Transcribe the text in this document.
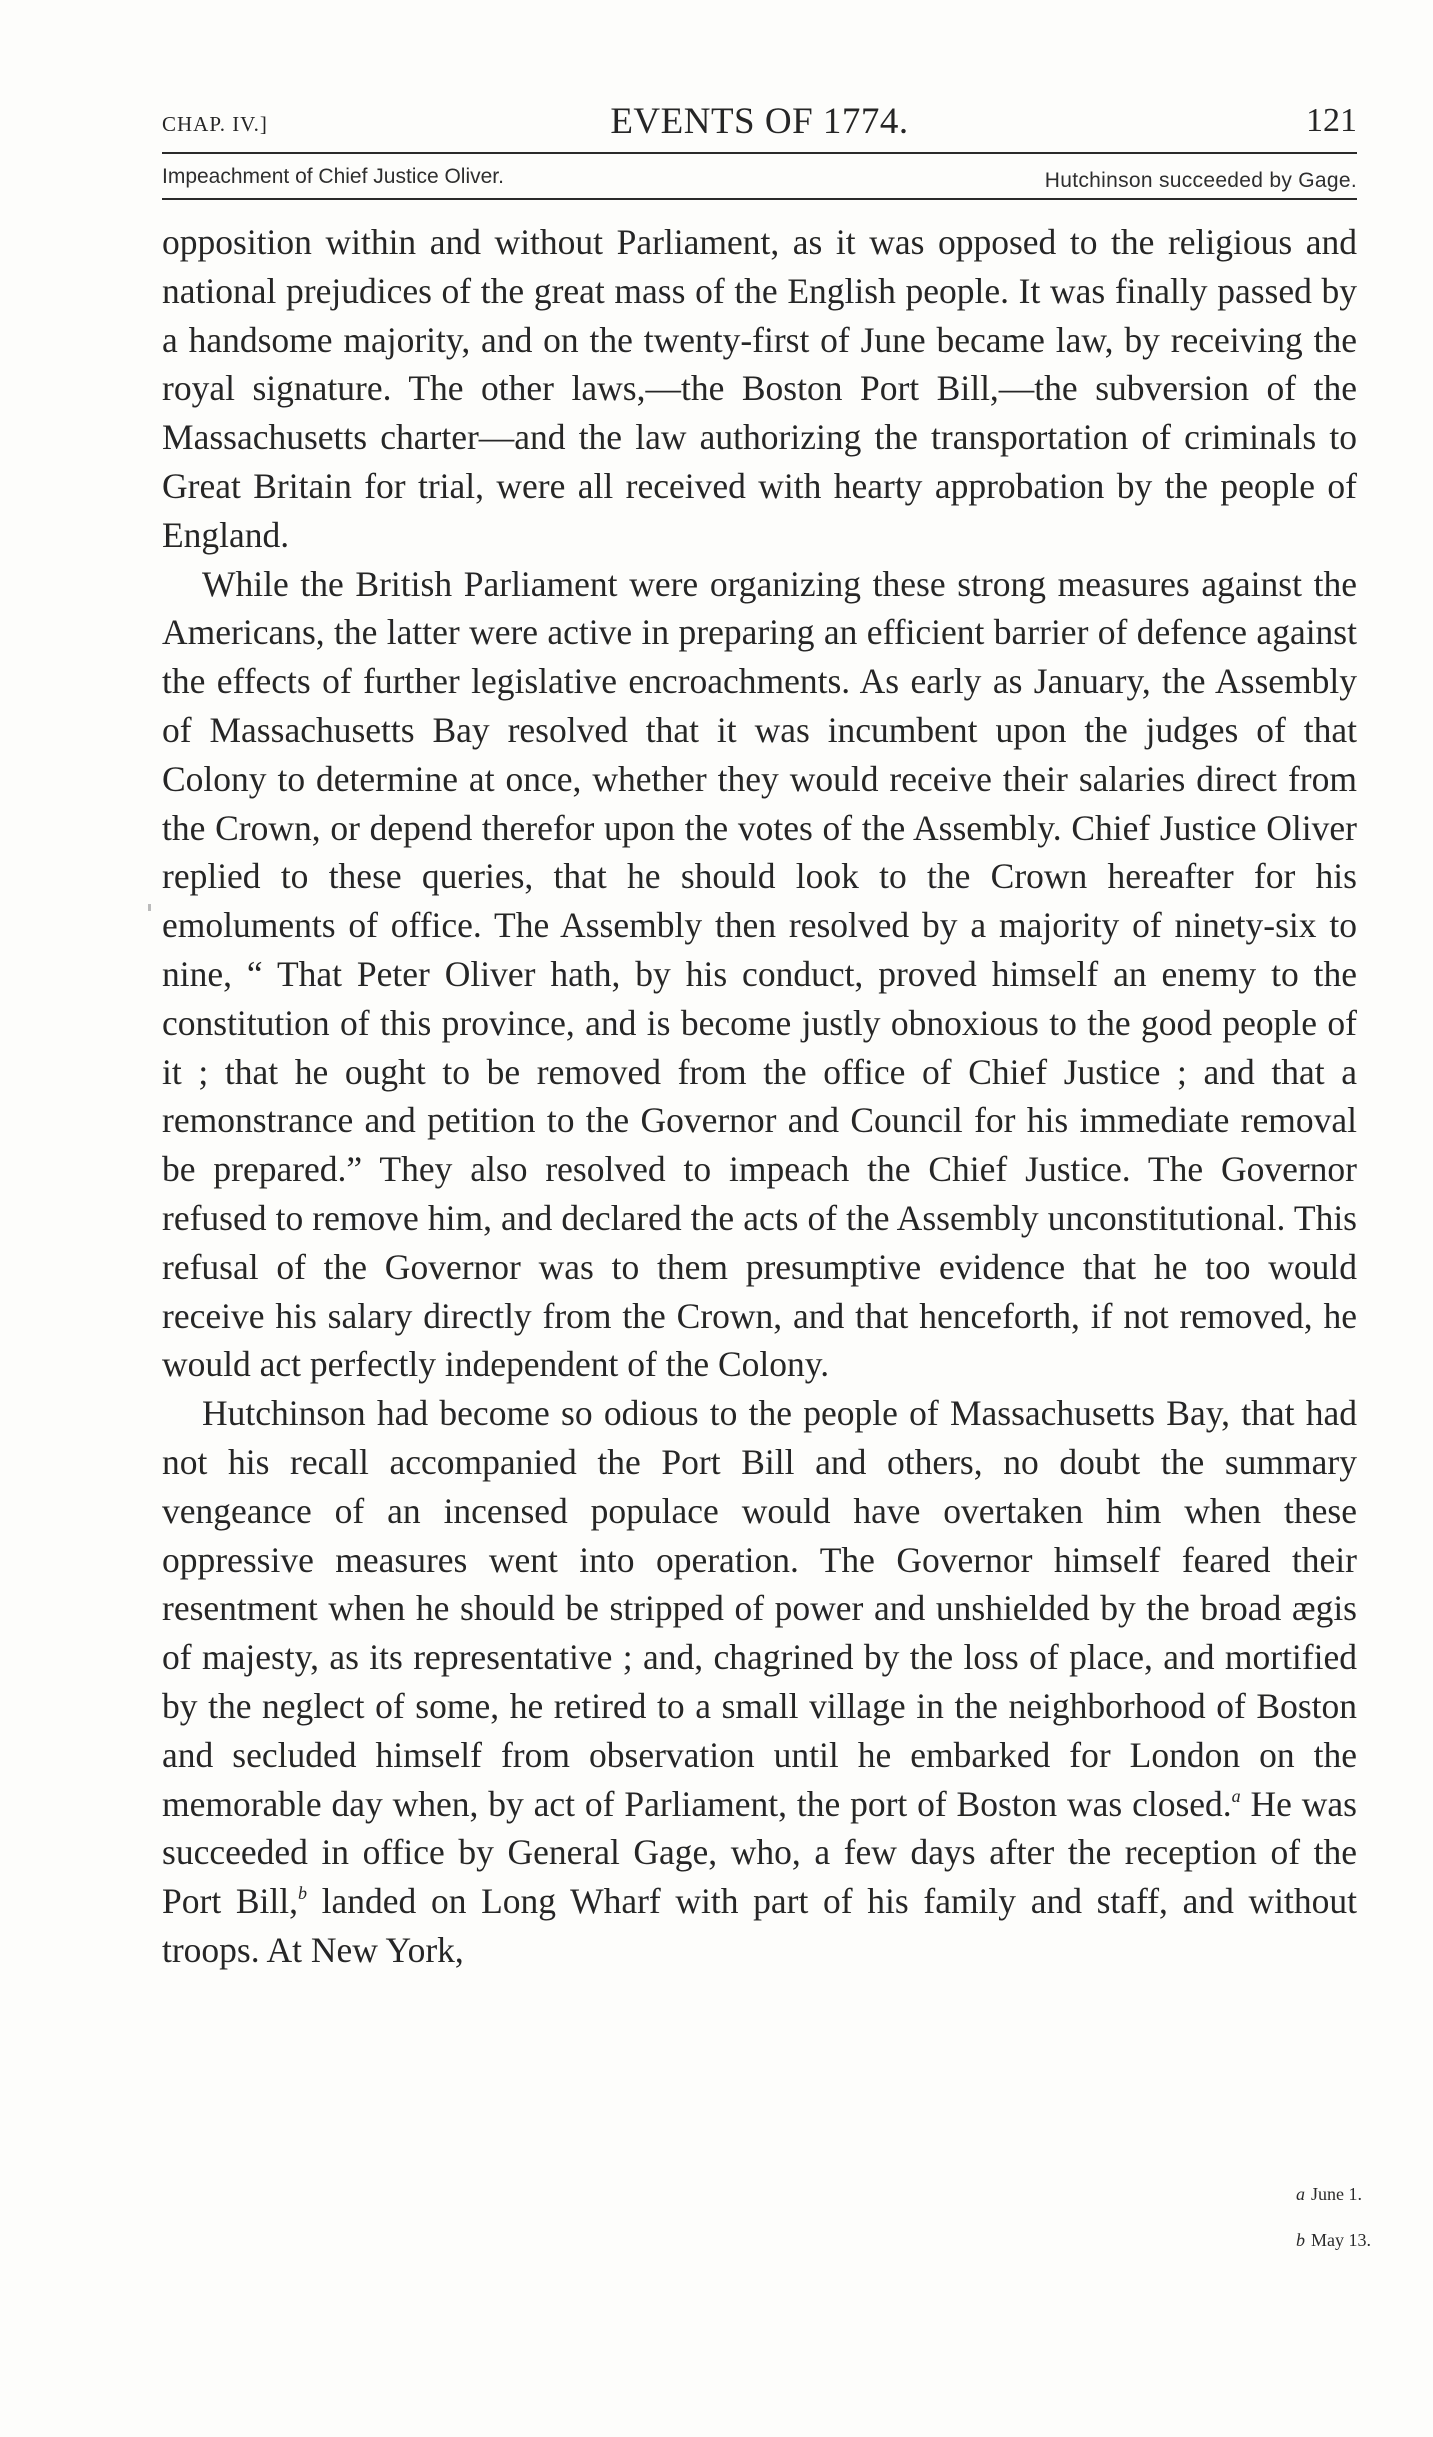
CHAP. IV.]	EVENTS OF 1774.	121
Impeachment of Chief Justice Oliver.	Hutchinson succeeded by Gage.

opposition within and without Parliament, as it was opposed to the religious and national prejudices of the great mass of the English people. It was finally passed by a handsome majority, and on the twenty-first of June became law, by receiving the royal signature. The other laws,—the Boston Port Bill,—the subversion of the Massachusetts charter—and the law authorizing the transportation of criminals to Great Britain for trial, were all received with hearty approbation by the people of England.

While the British Parliament were organizing these strong measures against the Americans, the latter were active in preparing an efficient barrier of defence against the effects of further legislative encroachments. As early as January, the Assembly of Massachusetts Bay resolved that it was incumbent upon the judges of that Colony to determine at once, whether they would receive their salaries direct from the Crown, or depend therefor upon the votes of the Assembly. Chief Justice Oliver replied to these queries, that he should look to the Crown hereafter for his emoluments of office. The Assembly then resolved by a majority of ninety-six to nine, “ That Peter Oliver hath, by his conduct, proved himself an enemy to the constitution of this province, and is become justly obnoxious to the good people of it ; that he ought to be removed from the office of Chief Justice ; and that a remonstrance and petition to the Governor and Council for his immediate removal be prepared.” They also resolved to impeach the Chief Justice. The Governor refused to remove him, and declared the acts of the Assembly unconstitutional. This refusal of the Governor was to them presumptive evidence that he too would receive his salary directly from the Crown, and that henceforth, if not removed, he would act perfectly independent of the Colony.

Hutchinson had become so odious to the people of Massachusetts Bay, that had not his recall accompanied the Port Bill and others, no doubt the summary vengeance of an incensed populace would have overtaken him when these oppressive measures went into operation. The Governor himself feared their resentment when he should be stripped of power and unshielded by the broad ægis of majesty, as its representative ; and, chagrined by the loss of place, and mortified by the neglect of some, he retired to a small village in the neighborhood of Boston and secluded himself from observation until he embarked for London on the memorable day when, by act of Parliament, the port of Boston was closed.$^a$ He was succeeded in office by General Gage, who, a few days after the reception of the Port Bill,$^b$ landed on Long Wharf with part of his family and staff, and without troops. At New York,

a June 1.
b May 13.
